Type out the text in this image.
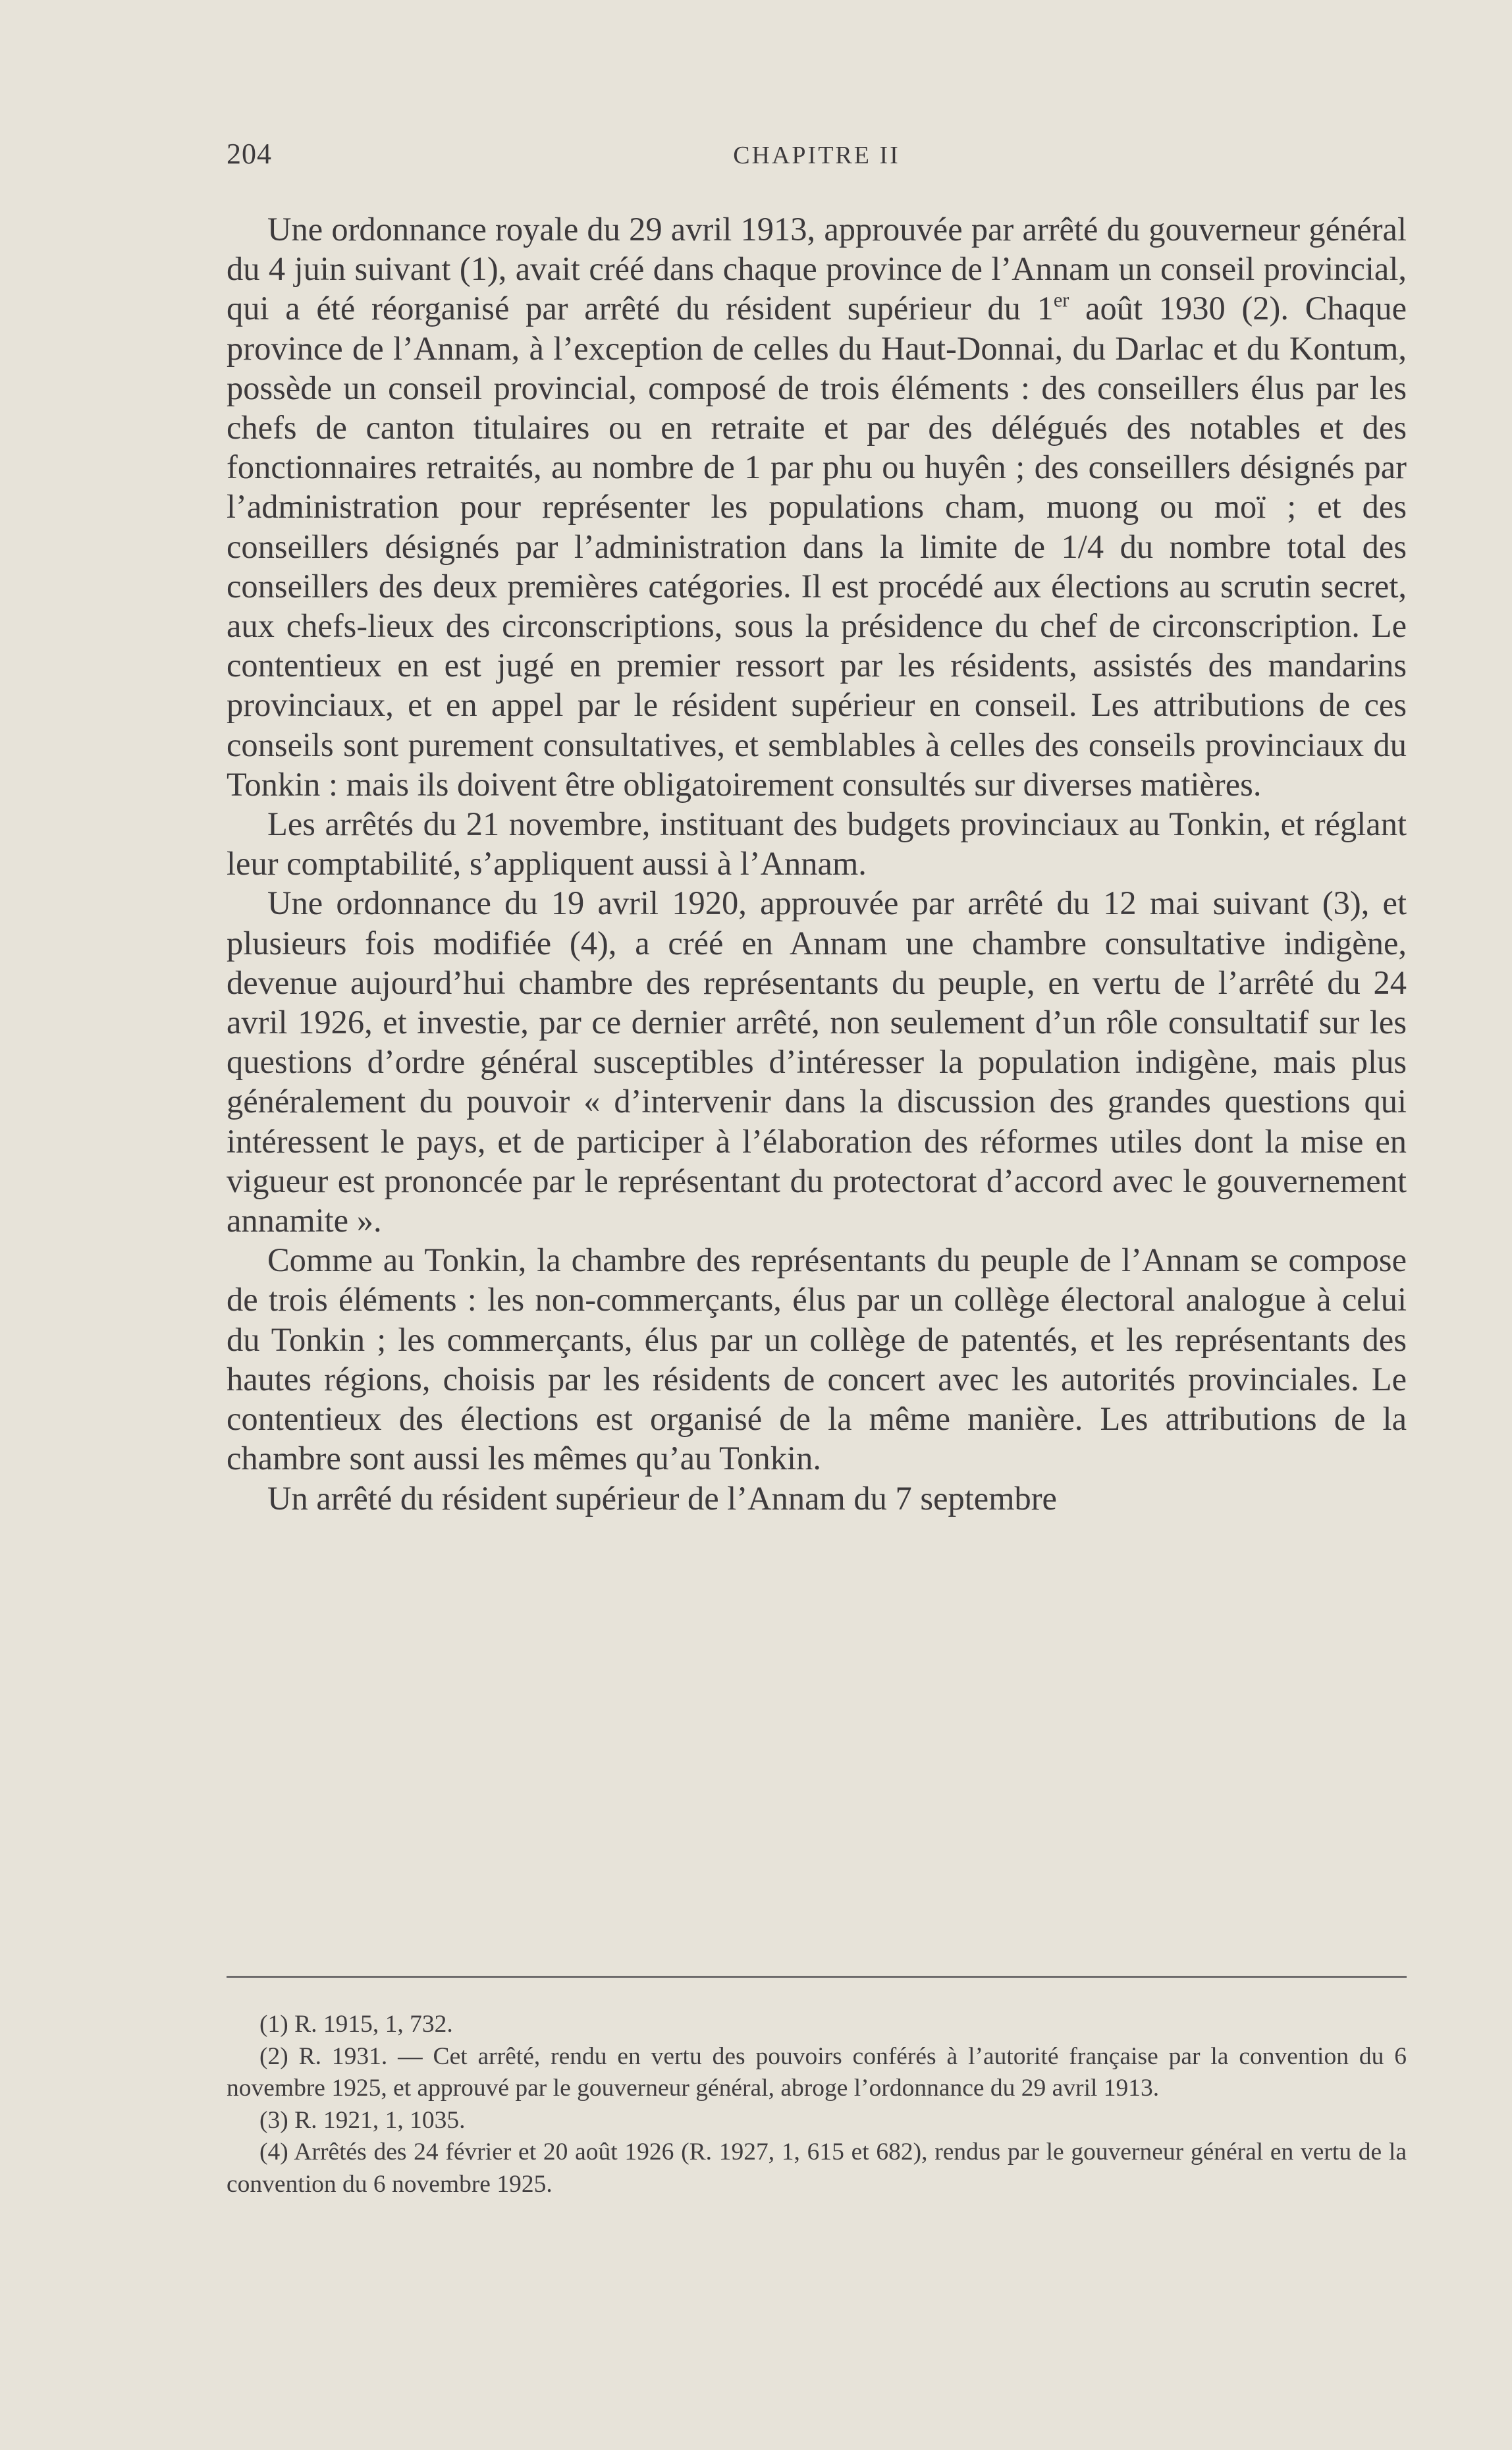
204	CHAPITRE II

Une ordonnance royale du 29 avril 1913, approuvée par arrêté du gouverneur général du 4 juin suivant (1), avait créé dans chaque province de l’Annam un conseil provincial, qui a été réorganisé par arrêté du résident supérieur du 1er août 1930 (2). Chaque province de l’Annam, à l’exception de celles du Haut-Donnai, du Darlac et du Kontum, possède un conseil provincial, composé de trois éléments : des conseillers élus par les chefs de canton titulaires ou en retraite et par des délégués des notables et des fonctionnaires retraités, au nombre de 1 par phu ou huyên ; des conseillers désignés par l’administration pour représenter les populations cham, muong ou moï ; et des conseillers désignés par l’administration dans la limite de 1/4 du nombre total des conseillers des deux premières catégories. Il est procédé aux élections au scrutin secret, aux chefs-lieux des circonscriptions, sous la présidence du chef de circonscription. Le contentieux en est jugé en premier ressort par les résidents, assistés des mandarins provinciaux, et en appel par le résident supérieur en conseil. Les attributions de ces conseils sont purement consultatives, et semblables à celles des conseils provinciaux du Tonkin : mais ils doivent être obligatoirement consultés sur diverses matières.

Les arrêtés du 21 novembre, instituant des budgets provinciaux au Tonkin, et réglant leur comptabilité, s’appliquent aussi à l’Annam.

Une ordonnance du 19 avril 1920, approuvée par arrêté du 12 mai suivant (3), et plusieurs fois modifiée (4), a créé en Annam une chambre consultative indigène, devenue aujourd’hui chambre des représentants du peuple, en vertu de l’arrêté du 24 avril 1926, et investie, par ce dernier arrêté, non seulement d’un rôle consultatif sur les questions d’ordre général susceptibles d’intéresser la population indigène, mais plus généralement du pouvoir « d’intervenir dans la discussion des grandes questions qui intéressent le pays, et de participer à l’élaboration des réformes utiles dont la mise en vigueur est prononcée par le représentant du protectorat d’accord avec le gouvernement annamite ».

Comme au Tonkin, la chambre des représentants du peuple de l’Annam se compose de trois éléments : les non-commerçants, élus par un collège électoral analogue à celui du Tonkin ; les commerçants, élus par un collège de patentés, et les représentants des hautes régions, choisis par les résidents de concert avec les autorités provinciales. Le contentieux des élections est organisé de la même manière. Les attributions de la chambre sont aussi les mêmes qu’au Tonkin.

Un arrêté du résident supérieur de l’Annam du 7 septembre

(1) R. 1915, 1, 732.

(2) R. 1931. — Cet arrêté, rendu en vertu des pouvoirs conférés à l’autorité française par la convention du 6 novembre 1925, et approuvé par le gouverneur général, abroge l’ordonnance du 29 avril 1913.

(3) R. 1921, 1, 1035.

(4) Arrêtés des 24 février et 20 août 1926 (R. 1927, 1, 615 et 682), rendus par le gouverneur général en vertu de la convention du 6 novembre 1925.
